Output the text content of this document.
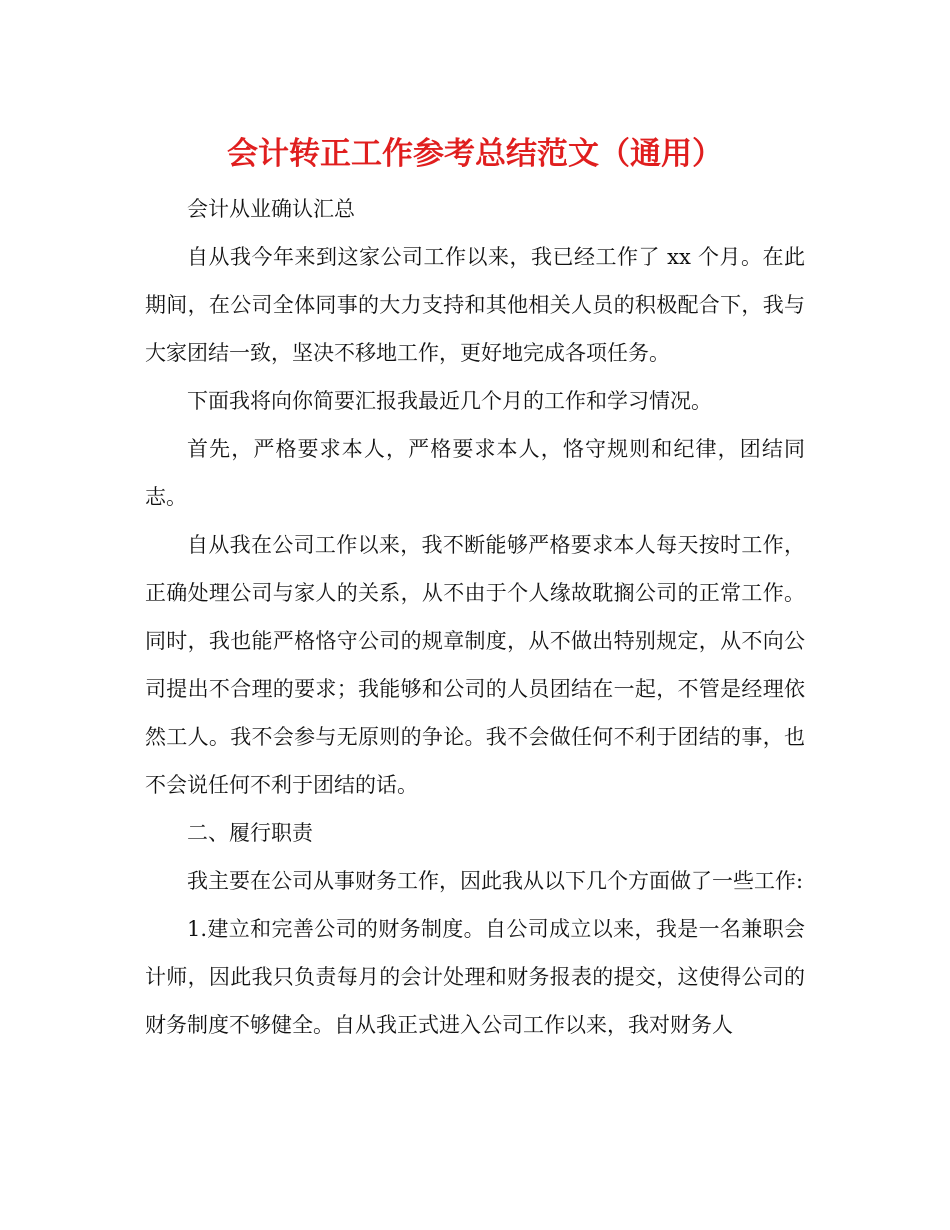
会计转正工作参考总结范文（通用）

会计从业确认汇总

自从我今年来到这家公司工作以来，我已经工作了 xx 个月。在此期间，在公司全体同事的大力支持和其他相关人员的积极配合下，我与大家团结一致，坚决不移地工作，更好地完成各项任务。

下面我将向你简要汇报我最近几个月的工作和学习情况。

首先，严格要求本人，严格要求本人，恪守规则和纪律，团结同志。

自从我在公司工作以来，我不断能够严格要求本人每天按时工作，正确处理公司与家人的关系，从不由于个人缘故耽搁公司的正常工作。同时，我也能严格恪守公司的规章制度，从不做出特别规定，从不向公司提出不合理的要求；我能够和公司的人员团结在一起，不管是经理依然工人。我不会参与无原则的争论。我不会做任何不利于团结的事，也不会说任何不利于团结的话。

二、履行职责

我主要在公司从事财务工作，因此我从以下几个方面做了一些工作:

1.建立和完善公司的财务制度。自公司成立以来，我是一名兼职会计师，因此我只负责每月的会计处理和财务报表的提交，这使得公司的财务制度不够健全。自从我正式进入公司工作以来，我对财务人
